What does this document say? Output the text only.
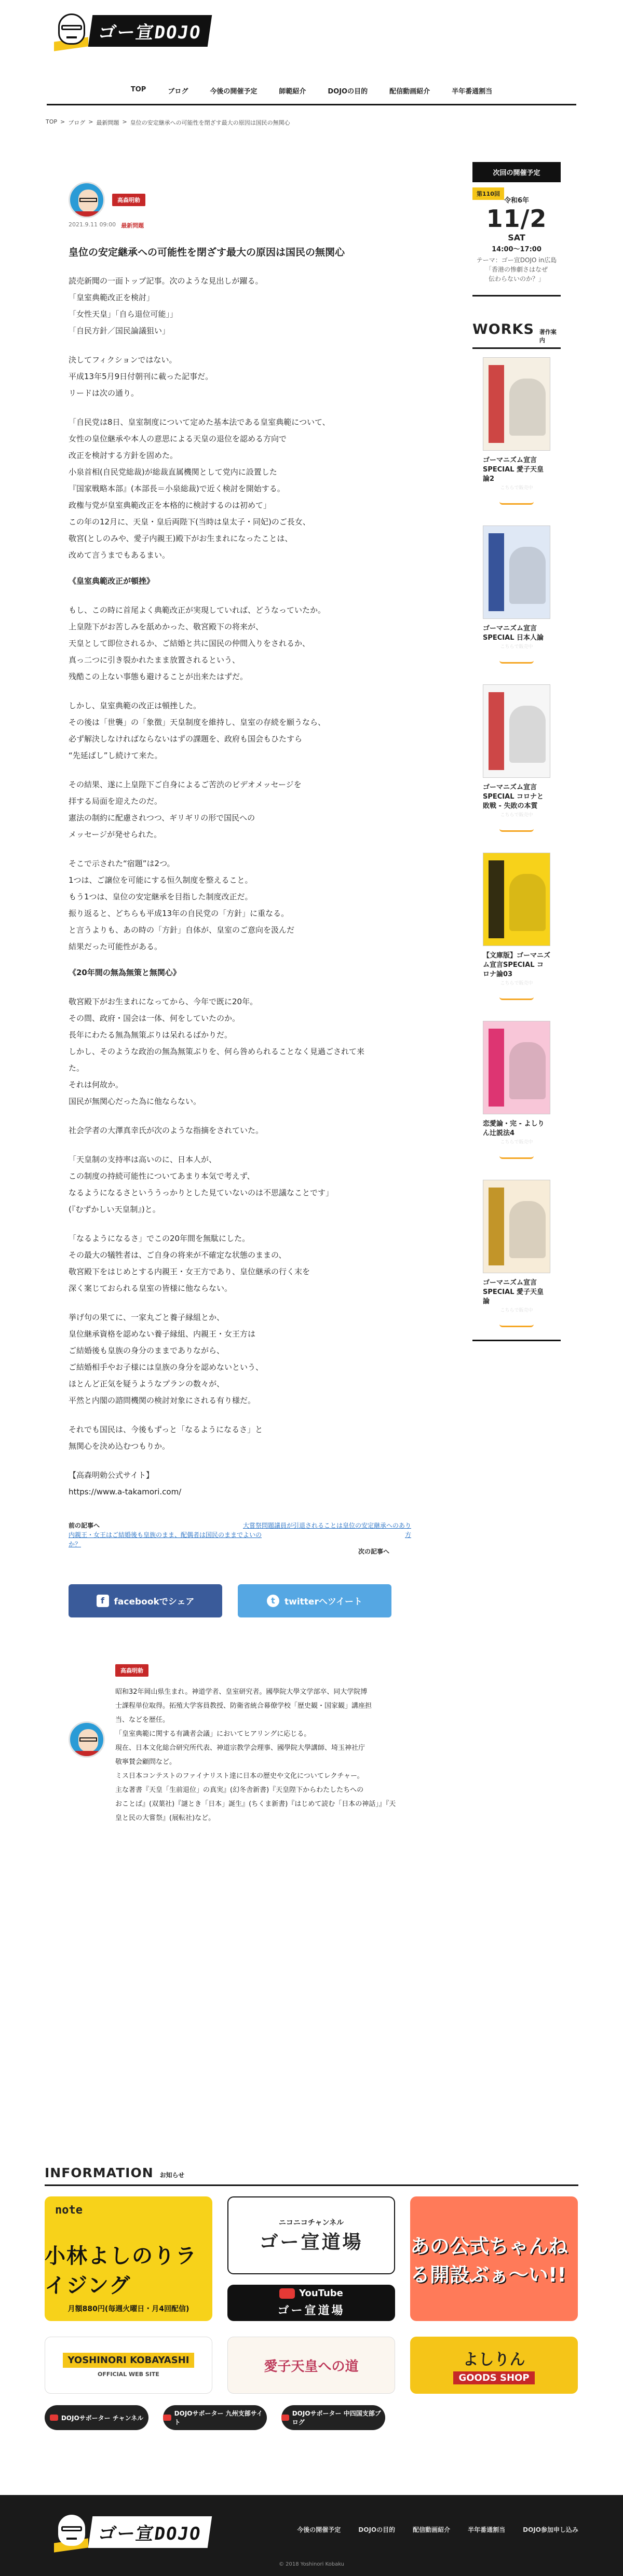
ゴー宣DOJO
TOP	ブログ	今後の開催予定	師範紹介	DOJOの目的	配信動画紹介	半年番通割当
TOP > ブログ > 最新問題 > 皇位の安定継承への可能性を閉ざす最大の原因は国民の無関心
高森明勅
2021.9.11 09:00 最新問題
皇位の安定継承への可能性を閉ざす最大の原因は国民の無関心
読売新聞の一面トップ記事。次のような見出しが躍る。
「皇室典範改正を検討」
「女性天皇」「自ら退位可能」」
「自民方針／国民論議狙い」
決してフィクションではない。
平成13年5月9日付朝刊に載った記事だ。
リードは次の通り。
「自民党は8日、皇室制度について定めた基本法である皇室典範について、
女性の皇位継承や本人の意思による天皇の退位を認める方向で
改正を検討する方針を固めた。
小泉首相(自民党総裁)が総裁直属機関として党内に設置した
『国家戦略本部』(本部長＝小泉総裁)で近く検討を開始する。
政権与党が皇室典範改正を本格的に検討するのは初めて」
この年の12月に、天皇・皇后両陛下(当時は皇太子・同妃)のご長女、
敬宮(としのみや、愛子内親王)殿下がお生まれになったことは、
改めて言うまでもあるまい。
《皇室典範改正が頓挫》
もし、この時に首尾よく典範改正が実現していれば、どうなっていたか。
上皇陛下がお苦しみを舐めかった、敬宮殿下の将来が、
天皇として即位されるか、ご結婚と共に国民の仲間入りをされるか、
真っ二つに引き裂かれたまま放置されるという、
残酷この上ない事態も避けることが出来たはずだ。
しかし、皇室典範の改正は頓挫した。
その後は「世襲」の「象徴」天皇制度を維持し、皇室の存続を願うなら、
必ず解決しなければならないはずの課題を、政府も国会もひたすら
“先延ばし”し続けて来た。
その結果、遂に上皇陛下ご自身によるご苦渋のビデオメッセージを
拝する局面を迎えたのだ。
憲法の制約に配慮されつつ、ギリギリの形で国民への
メッセージが発せられた。
そこで示された“宿題”は2つ。
1つは、ご譲位を可能にする恒久制度を整えること。
もう1つは、皇位の安定継承を目指した制度改正だ。
振り返ると、どちらも平成13年の自民党の「方針」に重なる。
と言うよりも、あの時の「方針」自体が、皇室のご意向を汲んだ
結果だった可能性がある。
《20年間の無為無策と無関心》
敬宮殿下がお生まれになってから、今年で既に20年。
その間、政府・国会は一体、何をしていたのか。
長年にわたる無為無策ぶりは呆れるばかりだ。
しかし、そのような政治の無為無策ぶりを、何ら咎められることなく見過ごされて来
た。
それは何故か。
国民が無関心だった為に他ならない。
社会学者の大澤真幸氏が次のような指摘をされていた。
「天皇制の支持率は高いのに、日本人が、
この制度の持続可能性についてあまり本気で考えず、
なるようになるさといううっかりとした見ていないのは不思議なことです」
(『むずかしい天皇制』)と。
「なるようになるさ」でこの20年間を無駄にした。
その最大の犠牲者は、ご自身の将来が不確定な状態のままの、
敬宮殿下をはじめとする内親王・女王方であり、皇位継承の行く末を
深く案じておられる皇室の皆様に他ならない。
挙げ句の果てに、一家丸ごと養子縁組とか、
皇位継承資格を認めない養子縁組、内親王・女王方は
ご結婚後も皇族の身分のままでありながら、
ご結婚相手やお子様には皇族の身分を認めないという、
ほとんど正気を疑うようなプランの数々が、
平然と内閣の諮問機関の検討対象にされる有り様だ。
それでも国民は、今後もずっと「なるようになるさ」と
無関心を決め込むつもりか。
【高森明勅公式サイト】
https://www.a-takamori.com/
前の記事へ
内親王・女王はご結婚後も皇族のまま、配偶者は国民のままでよいのか？
大嘗祭問題議員が引退されることは皇位の安定継承へのあり方
次の記事へ
f	facebookでシェア	t	twitterへツイート
高森明勅
昭和32年岡山県生まれ。神道学者、皇室研究者。國學院大學文学部卒、同大学院博
士課程単位取得。拓殖大学客員教授、防衛省統合幕僚学校「歴史観・国家観」講座担
当、などを歴任。
「皇室典範に関する有識者会議」においてヒアリングに応じる。
現在、日本文化総合研究所代表、神道宗教学会理事、國學院大學講師、埼玉神社庁
敬寧賛会顧問など。
ミス日本コンテストのファイナリスト達に日本の歴史や文化についてレクチャー。
主な著書『天皇「生前退位」の真実』(幻冬舎新書)『天皇陛下からわたしたちへの
おことば』(双葉社)『謎とき「日本」誕生』(ちくま新書)『はじめて読む「日本の神話」』『天
皇と民の大嘗祭』(展転社)など。
次回の開催予定
第110回
令和6年
11/2
SAT
14:00〜17:00
テーマ：ゴー宣DOJO in広島
「香港の惨劇さはなぜ
伝わらないのか？」
WORKS 著作案内
ゴーマニズム宣言SPECIAL 愛子天皇論2
こちらで販売中
amazon
ゴーマニズム宣言SPECIAL 日本人論
こちらで販売中
amazon
ゴーマニズム宣言SPECIAL コロナと敗戦 - 失敗の本質
こちらで販売中
amazon
【文庫版】ゴーマニズム宣言SPECIAL コロナ論03
こちらで販売中
amazon
恋愛論・完 - よしりん辻説法4
こちらで販売中
amazon
ゴーマニズム宣言SPECIAL 愛子天皇論
こちらで販売中
amazon
INFORMATION お知らせ
note
小林よしのりライジング
月額880円(毎週火曜日・月4回配信)
ニコニコチャンネル
ゴー宣道場
YouTube
ゴー宣道場
あの公式ちゃんねる開設ぶぁ～い!!
YOSHINORI KOBAYASHI
OFFICIAL WEB SITE	愛子天皇への道	よしりん
GOODS SHOP
DOJOサポーター チャンネル
DOJOサポーター 九州支部サイト
DOJOサポーター 中四国支部ブログ
ゴー宣DOJO	今後の開催予定	DOJOの目的	配信動画紹介	半年番通割当	DOJO参加申し込み
© 2018 Yoshinori Kobaku
